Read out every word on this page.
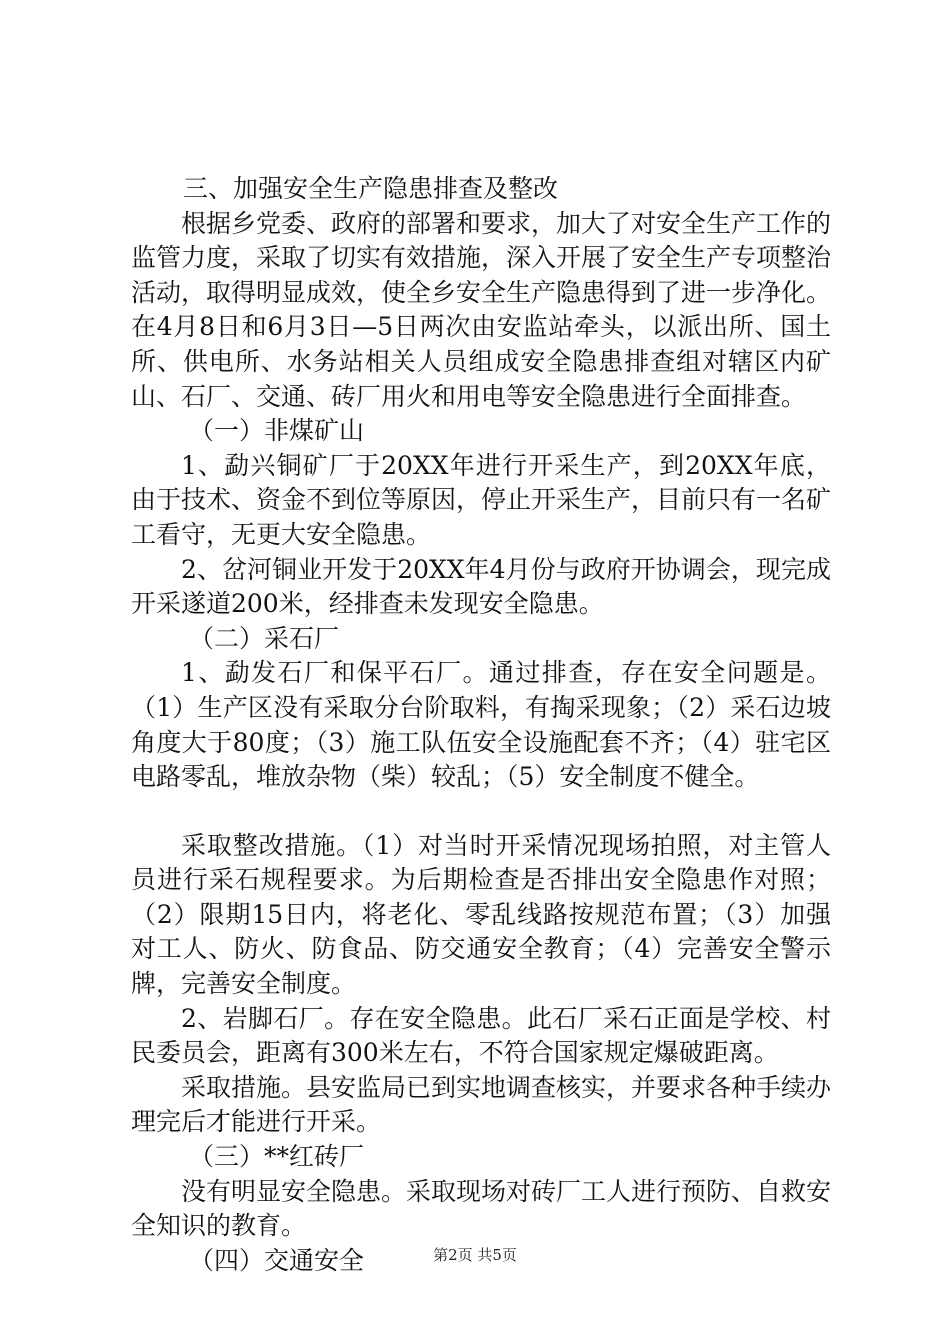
三、加强安全生产隐患排查及整改

根据乡党委、政府的部署和要求，加大了对安全生产工作的监管力度，采取了切实有效措施，深入开展了安全生产专项整治活动，取得明显成效，使全乡安全生产隐患得到了进一步净化。在4月8日和6月3日—5日两次由安监站牵头，以派出所、国土所、供电所、水务站相关人员组成安全隐患排查组对辖区内矿山、石厂、交通、砖厂用火和用电等安全隐患进行全面排查。

（一）非煤矿山

1、勐兴铜矿厂于20XX年进行开采生产，到20XX年底，由于技术、资金不到位等原因，停止开采生产，目前只有一名矿工看守，无更大安全隐患。

2、岔河铜业开发于20XX年4月份与政府开协调会，现完成开采遂道200米，经排查未发现安全隐患。

（二）采石厂

1、勐发石厂和保平石厂。通过排查，存在安全问题是。（1）生产区没有采取分台阶取料，有掏采现象；（2）采石边坡角度大于80度；（3）施工队伍安全设施配套不齐；（4）驻宅区电路零乱，堆放杂物（柴）较乱；（5）安全制度不健全。

采取整改措施。（1）对当时开采情况现场拍照，对主管人员进行采石规程要求。为后期检查是否排出安全隐患作对照；（2）限期15日内，将老化、零乱线路按规范布置；（3）加强对工人、防火、防食品、防交通安全教育；（4）完善安全警示牌，完善安全制度。

2、岩脚石厂。存在安全隐患。此石厂采石正面是学校、村民委员会，距离有300米左右，不符合国家规定爆破距离。

采取措施。县安监局已到实地调查核实，并要求各种手续办理完后才能进行开采。

（三）**红砖厂

没有明显安全隐患。采取现场对砖厂工人进行预防、自救安全知识的教育。

（四）交通安全	第2页 共5页
